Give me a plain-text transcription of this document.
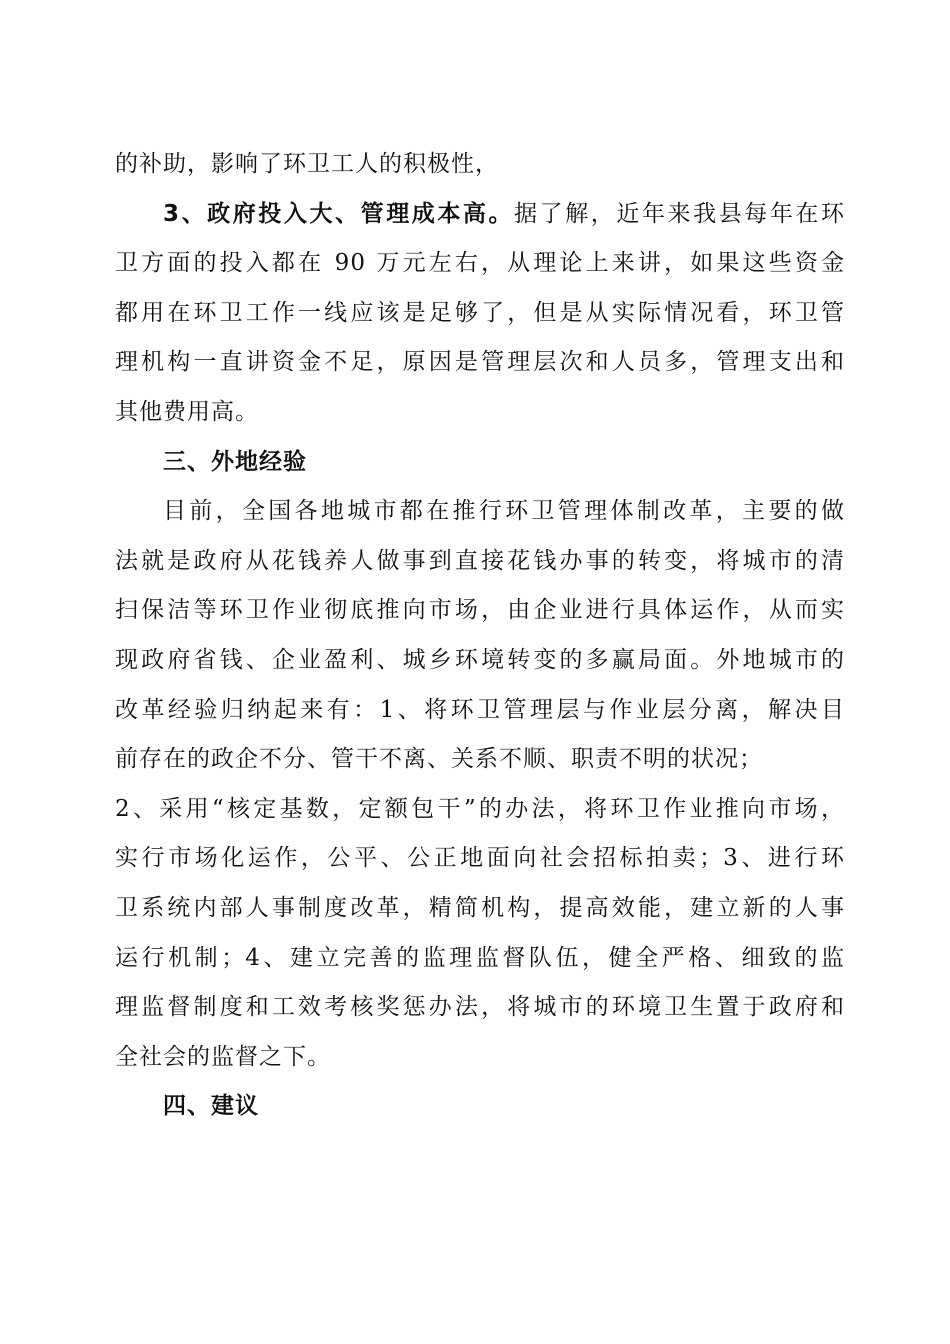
的补助，影响了环卫工人的积极性，
3、政府投入大、管理成本高。据了解，近年来我县每年在环
卫方面的投入都在 90 万元左右，从理论上来讲，如果这些资金
都用在环卫工作一线应该是足够了，但是从实际情况看，环卫管
理机构一直讲资金不足，原因是管理层次和人员多，管理支出和
其他费用高。
三、外地经验
目前，全国各地城市都在推行环卫管理体制改革，主要的做
法就是政府从花钱养人做事到直接花钱办事的转变，将城市的清
扫保洁等环卫作业彻底推向市场，由企业进行具体运作，从而实
现政府省钱、企业盈利、城乡环境转变的多赢局面。外地城市的
改革经验归纳起来有：1、将环卫管理层与作业层分离，解决目
前存在的政企不分、管干不离、关系不顺、职责不明的状况；
2、采用“核定基数，定额包干”的办法，将环卫作业推向市场，
实行市场化运作，公平、公正地面向社会招标拍卖；3、进行环
卫系统内部人事制度改革，精简机构，提高效能，建立新的人事
运行机制；4、建立完善的监理监督队伍，健全严格、细致的监
理监督制度和工效考核奖惩办法，将城市的环境卫生置于政府和
全社会的监督之下。
四、建议
